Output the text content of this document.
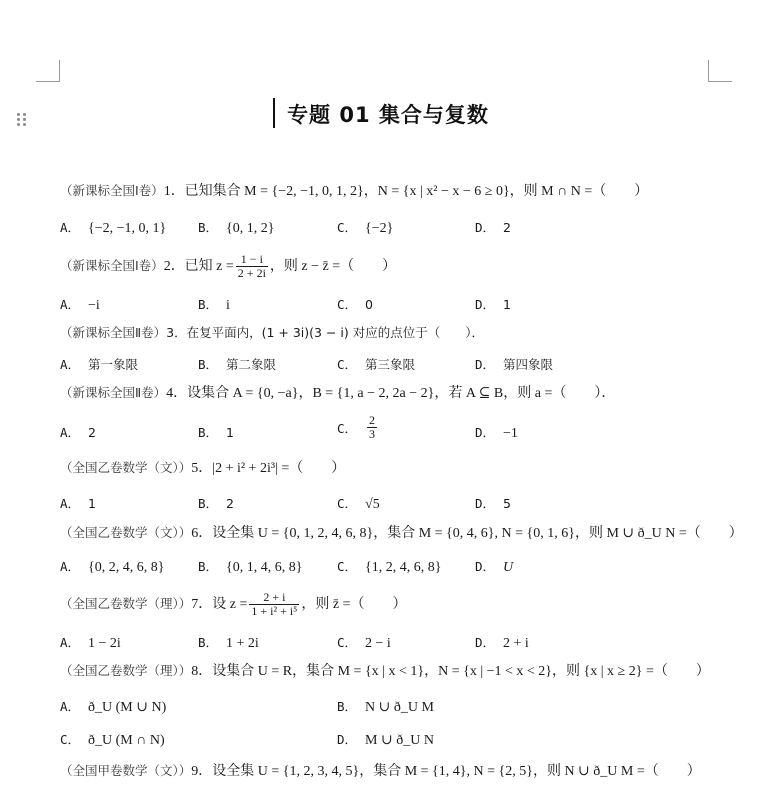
专题 01 集合与复数
（新课标全国Ⅰ卷）1．已知集合 M = {−2, −1, 0, 1, 2}，N = {x | x² − x − 6 ≥ 0}，则 M ∩ N =（　　）
A． {−2, −1, 0, 1}	B． {0, 1, 2}	C． {−2}	D． 2
（新课标全国Ⅰ卷）2．已知 $z = \frac{1 - i}{2 + 2i}$ ，则 z − z̄ =（　　）
A． −i	B． i	C． 0	D． 1
（新课标全国Ⅱ卷）3．在复平面内，(1 + 3i)(3 − i) 对应的点位于（　　）．
A． 第一象限	B． 第二象限	C． 第三象限	D． 第四象限
（新课标全国Ⅱ卷）4．设集合 A = {0, −a}，B = {1, a − 2, 2a − 2}，若 A ⊆ B，则 a =（　　）．
A． 2	B． 1	C． $\frac{2}{3}$	D． −1
（全国乙卷数学（文））5．|2 + i² + 2i³| =（　　）
A． 1	B． 2	C． √5	D． 5
（全国乙卷数学（文））6．设全集 U = {0, 1, 2, 4, 6, 8}，集合 M = {0, 4, 6}, N = {0, 1, 6}，则 M ∪ ð_U N =（　　）
A． {0, 2, 4, 6, 8}	B． {0, 1, 4, 6, 8}	C． {1, 2, 4, 6, 8}	D． U
（全国乙卷数学（理））7．设 $z = \frac{2 + i}{\text{1 + i² + i⁵}}$ ，则 z̄ =（　　）
A． 1 − 2i	B． 1 + 2i	C． 2 − i	D． 2 + i
（全国乙卷数学（理））8．设集合 U = R，集合 M = {x | x < 1}，N = {x | −1 < x < 2}，则 {x | x ≥ 2} =（　　）
A． ð_U (M ∪ N)	B． N ∪ ð_U M
C． ð_U (M ∩ N)	D． M ∪ ð_U N
（全国甲卷数学（文））9．设全集 U = {1, 2, 3, 4, 5}，集合 M = {1, 4}, N = {2, 5}，则 N ∪ ð_U M =（　　）
